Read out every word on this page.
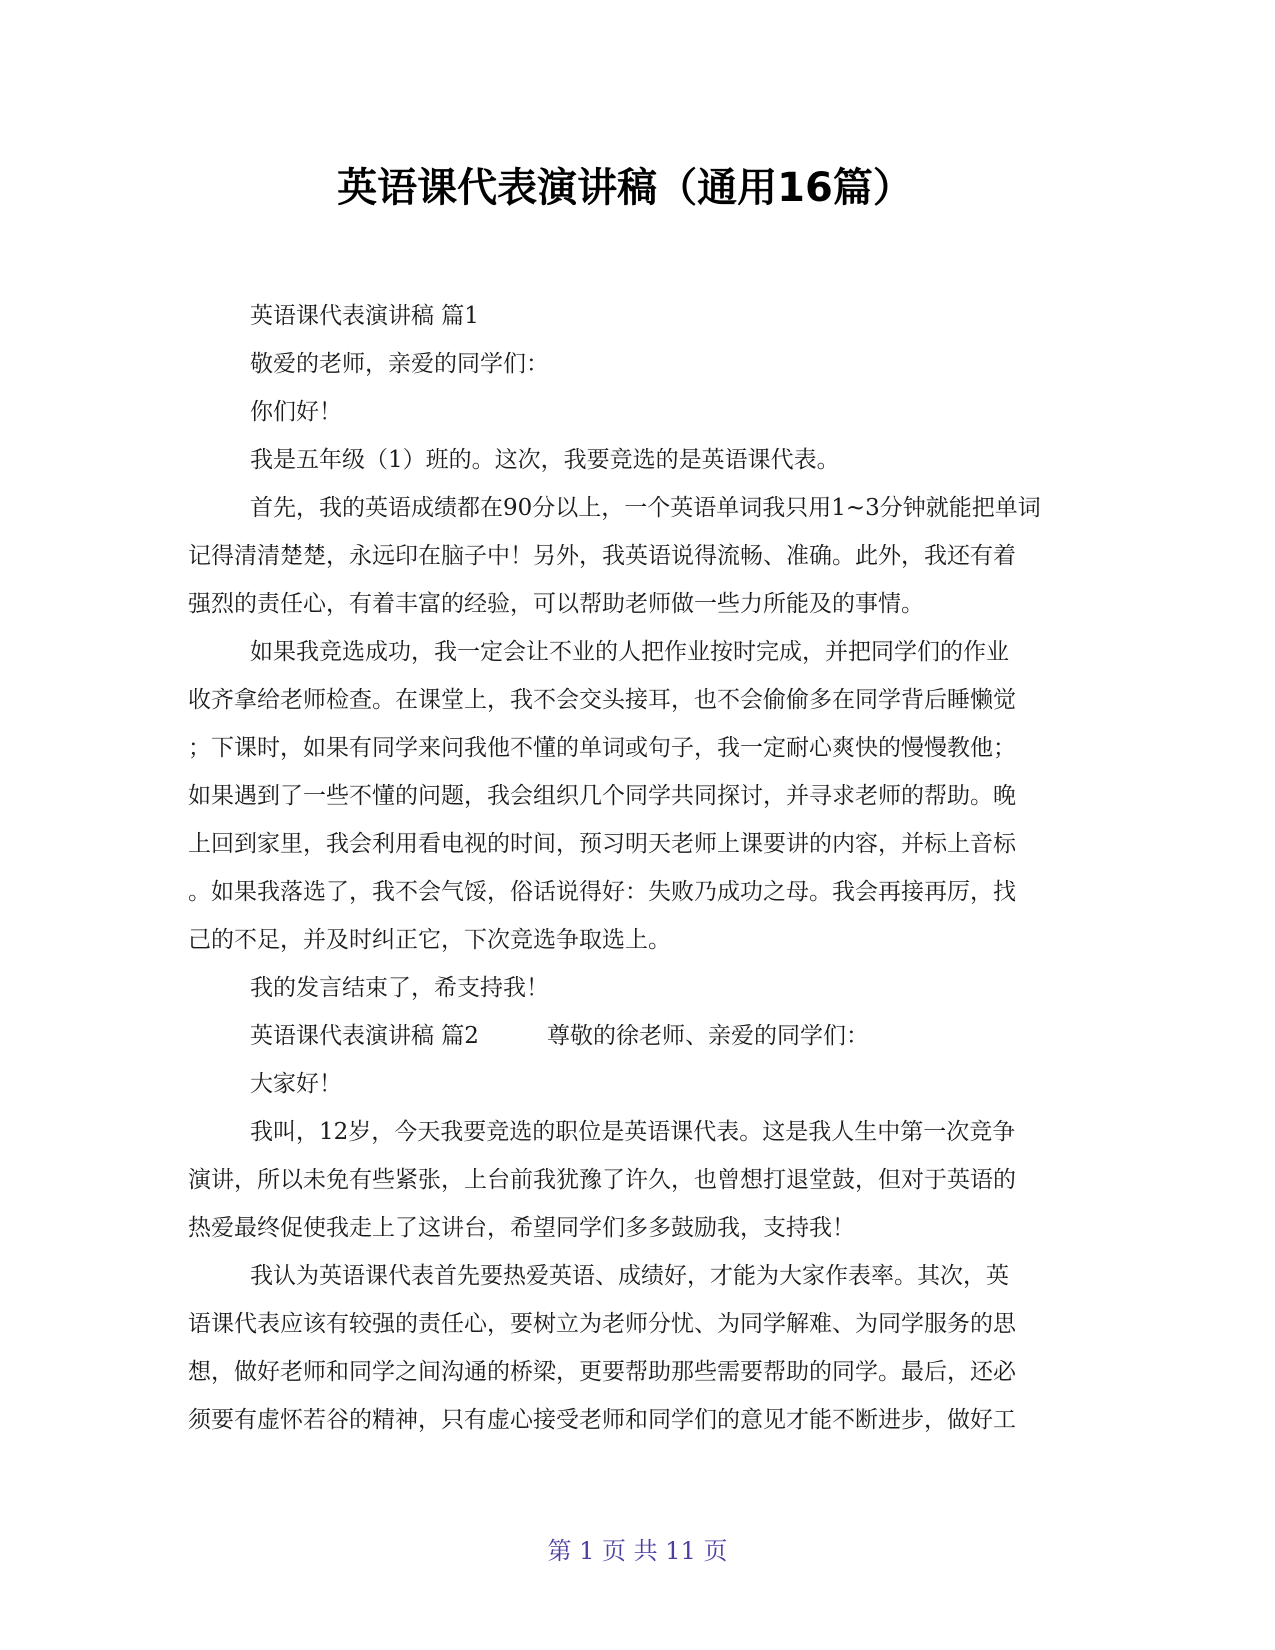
英语课代表演讲稿（通用16篇）
英语课代表演讲稿 篇1
敬爱的老师，亲爱的同学们：
你们好！
我是五年级（1）班的。这次，我要竞选的是英语课代表。
首先，我的英语成绩都在90分以上，一个英语单词我只用1~3分钟就能把单词
记得清清楚楚，永远印在脑子中！另外，我英语说得流畅、准确。此外，我还有着
强烈的责任心，有着丰富的经验，可以帮助老师做一些力所能及的事情。
如果我竞选成功，我一定会让不业的人把作业按时完成，并把同学们的作业
收齐拿给老师检查。在课堂上，我不会交头接耳，也不会偷偷多在同学背后睡懒觉
；下课时，如果有同学来问我他不懂的单词或句子，我一定耐心爽快的慢慢教他；
如果遇到了一些不懂的问题，我会组织几个同学共同探讨，并寻求老师的帮助。晚
上回到家里，我会利用看电视的时间，预习明天老师上课要讲的内容，并标上音标
。如果我落选了，我不会气馁，俗话说得好：失败乃成功之母。我会再接再厉，找
己的不足，并及时纠正它，下次竞选争取选上。
我的发言结束了，希支持我！
英语课代表演讲稿 篇2	尊敬的徐老师、亲爱的同学们：
大家好！
我叫，12岁，今天我要竞选的职位是英语课代表。这是我人生中第一次竞争
演讲，所以未免有些紧张，上台前我犹豫了许久，也曾想打退堂鼓，但对于英语的
热爱最终促使我走上了这讲台，希望同学们多多鼓励我，支持我！
我认为英语课代表首先要热爱英语、成绩好，才能为大家作表率。其次，英
语课代表应该有较强的责任心，要树立为老师分忧、为同学解难、为同学服务的思
想，做好老师和同学之间沟通的桥梁，更要帮助那些需要帮助的同学。最后，还必
须要有虚怀若谷的精神，只有虚心接受老师和同学们的意见才能不断进步，做好工
第 1 页 共 11 页
